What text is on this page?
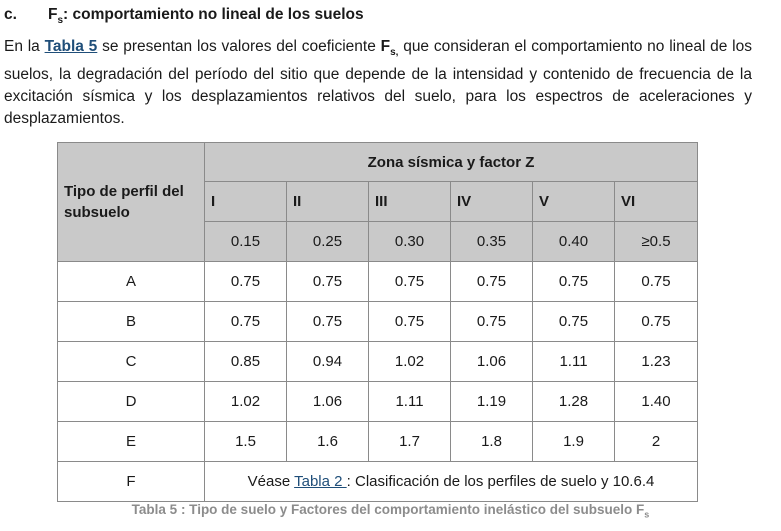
c. $F_s$: comportamiento no lineal de los suelos
En la Tabla 5 se presentan los valores del coeficiente $F_{s,}$ que consideran el comportamiento no lineal de los suelos, la degradación del período del sitio que depende de la intensidad y contenido de frecuencia de la excitación sísmica y los desplazamientos relativos del suelo, para los espectros de aceleraciones y desplazamientos.
Tipo de perfil del subsuelo	Zona sísmica y factor Z					
	I	II	III	IV	V	VI
	0.15	0.25	0.30	0.35	0.40	≥0.5
A	0.75	0.75	0.75	0.75	0.75	0.75
B	0.75	0.75	0.75	0.75	0.75	0.75
C	0.85	0.94	1.02	1.06	1.11	1.23
D	1.02	1.06	1.11	1.19	1.28	1.40
E	1.5	1.6	1.7	1.8	1.9	2
F	Véase Tabla 2 : Clasificación de los perfiles de suelo y 10.6.4					
Tabla 5 : Tipo de suelo y Factores del comportamiento inelástico del subsuelo $F_s$
